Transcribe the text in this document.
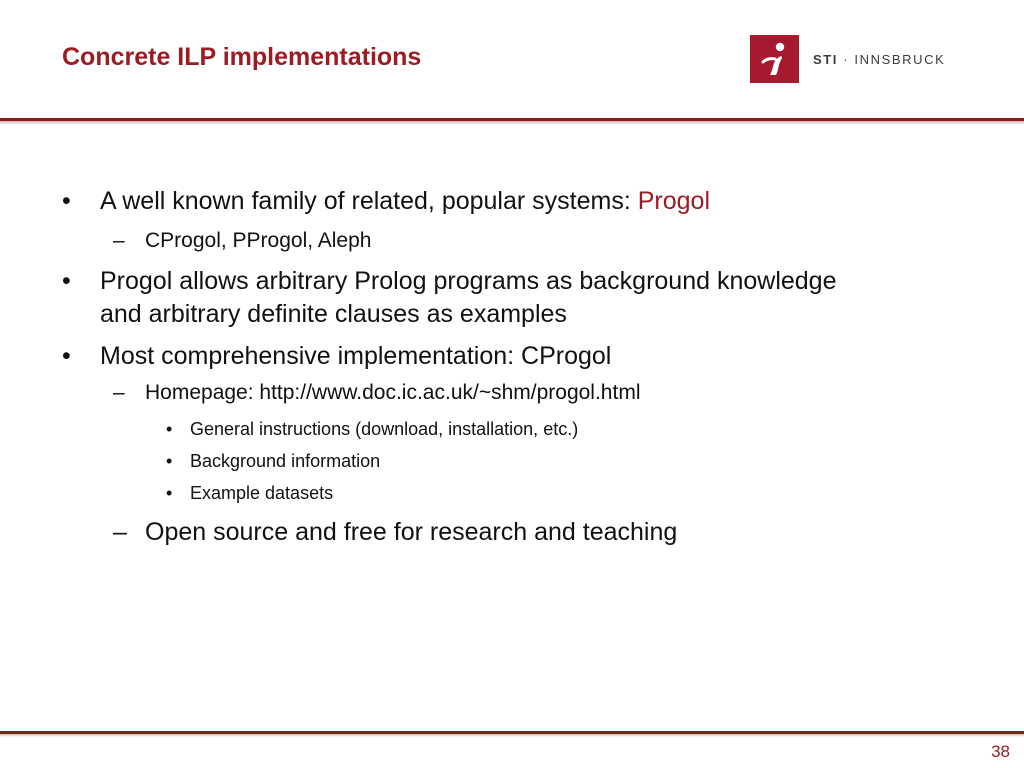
Concrete ILP implementations	STI · INNSBRUCK
• A well known family of related, popular systems: Progol
– CProgol, PProgol, Aleph
• Progol allows arbitrary Prolog programs as background knowledge
and arbitrary definite clauses as examples
• Most comprehensive implementation: CProgol
– Homepage: http://www.doc.ic.ac.uk/~shm/progol.html
• General instructions (download, installation, etc.)
• Background information
• Example datasets
– Open source and free for research and teaching
38
